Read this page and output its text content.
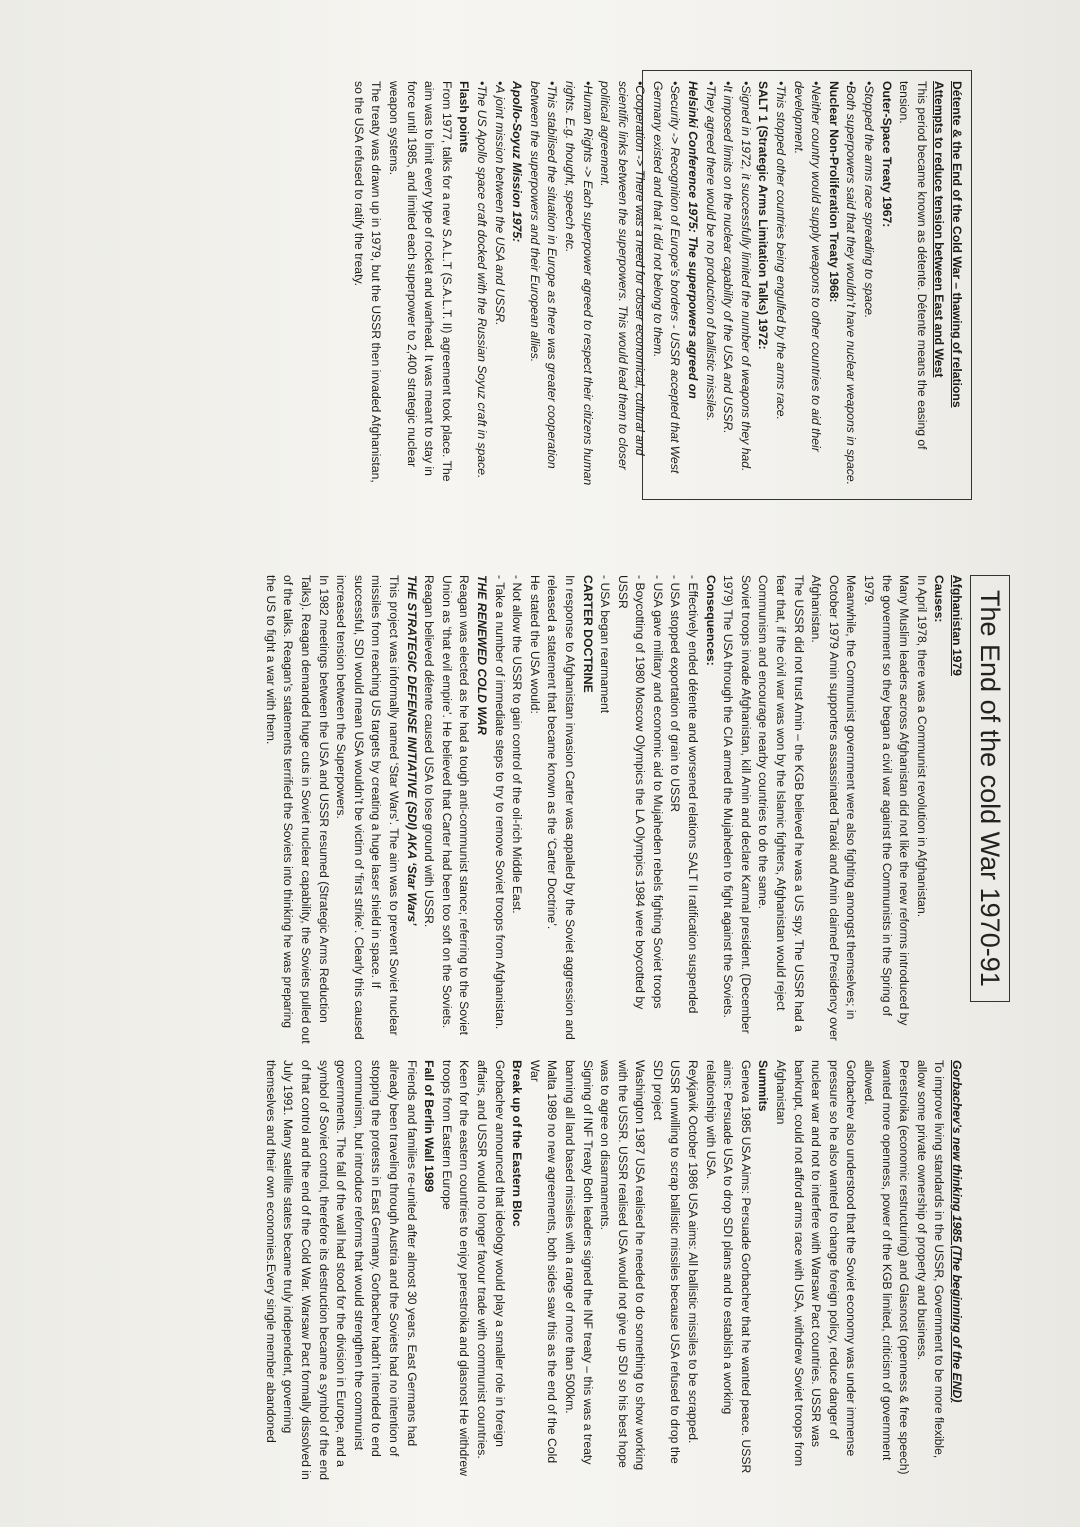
Détente & the End of the Cold War – thawing of relations

Attempts to reduce tension between East and West

This period became known as détente. Détente means the easing of tension.

Outer-Space Treaty 1967:

•Stopped the arms race spreading to space.

•Both superpowers said that they wouldn’t have nuclear weapons in space.

Nuclear Non-Proliferation Treaty 1968:

•Neither country would supply weapons to other countries to aid their development.

•This stopped other countries being engulfed by the arms race.

SALT 1 (Strategic Arms Limitation Talks) 1972:

•Signed in 1972, it successfully limited the number of weapons they had.

•It imposed limits on the nuclear capability of the USA and USSR.

•They agreed there would be no production of ballistic missiles.

Helsinki Conference 1975: The superpowers agreed on

•Security -> Recognition of Europe’s borders - USSR accepted that West Germany existed and that it did not belong to them.

•Cooperation -> There was a need for closer economical, cultural and scientific links between the superpowers. This would lead them to closer political agreement.

•Human Rights -> Each superpower agreed to respect their citizens human rights. E.g. thought, speech etc.

•This stabilised the situation in Europe as there was greater cooperation between the superpowers and their European allies.

Apollo-Soyuz Mission 1975:

•A joint mission between the USA and USSR.

•The US Apollo space craft docked with the Russian Soyuz craft in space.

Flash points

From 1977, talks for a new S.A.L.T (S.A.L.T. II) agreement took place. The aim was to limit every type of rocket and warhead. It was meant to stay in force until 1985, and limited each superpower to 2,400 strategic nuclear weapon systems.

The treaty was drawn up in 1979, but the USSR then invaded Afghanistan, so the USA refused to ratify the treaty.

The End of the cold War 1970-91

Afghanistan 1979

Causes:

In April 1978, there was a Communist revolution in Afghanistan.

Many Muslim leaders across Afghanistan did not like the new reforms introduced by the government so they began a civil war against the Communists in the Spring of 1979.

Meanwhile, the Communist government were also fighting amongst themselves; in October 1979 Amin supporters assassinated Taraki and Amin claimed Presidency over Afghanistan.

The USSR did not trust Amin – the KGB believed he was a US spy. The USSR had a fear that, if the civil war was won by the Islamic fighters, Afghanistan would reject Communism and encourage nearby countries to do the same.

Soviet troops invade Afghanistan, kill Amin and declare Karmal president. (December 1979) The USA through the CIA armed the Mujaheden to fight against the Soviets.

Consequences:

- Effectively ended détente and worsened relations SALT II ratification suspended

- USA stopped exportation of grain to USSR

- USA gave military and economic aid to Mujaheden rebels fighting Soviet troops

- Boycotting of 1980 Moscow Olympics the LA Olympics 1984 were boycotted by USSR

- USA began rearmament

CARTER DOCTRINE

In response to Afghanistan invasion Carter was appalled by the Soviet aggression and released a statement that became known as the ‘Carter Doctrine’.

He stated the USA would:

- Not allow the USSR to gain control of the oil-rich Middle East.

- Take a number of immediate steps to try to remove Soviet troops from Afghanistan.

THE RENEWED COLD WAR

Reagan was elected as he had a tough anti-communist stance; referring to the Soviet Union as ‘that evil empire’. He believed that Carter had been too soft on the Soviets. Reagan believed détente caused USA to lose ground with USSR.

THE STRATEGIC DEFENSE INITIATIVE (SDI) AKA ‘Star Wars’

This project was informally named ‘Star Wars’. The aim was to prevent Soviet nuclear missiles from reaching US targets by creating a huge laser shield in space. If successful, SDI would mean USA wouldn’t be victim of ‘first strike’. Clearly this caused increased tension between the Superpowers.

In 1982 meetings between the USA and USSR resumed (Strategic Arms Reduction Talks). Reagan demanded huge cuts in Soviet nuclear capability, the Soviets pulled out of the talks. Reagan’s statements terrified the Soviets into thinking he was preparing the US to fight a war with them.

Gorbachev’s new thinking 1985 (The beginning of the END)

To improve living standards in the USSR, Government to be more flexible, allow some private ownership of property and business.

Perestroika (economic restructuring) and Glasnost (openness & free speech) wanted more openness, power of the KGB limited, criticism of government allowed.

Gorbachev also understood that the Soviet economy was under immense pressure so he also wanted to change foreign policy, reduce danger of nuclear war and not to interfere with Warsaw Pact countries. USSR was bankrupt, could not afford arms race with USA, withdrew Soviet troops from Afghanistan

Summits

Geneva 1985 USA Aims: Persuade Gorbachev that he wanted peace. USSR aims: Persuade USA to drop SDI plans and to establish a working relationship with USA.

Reykjavik October 1986 USA aims: All ballistic missiles to be scrapped. USSR unwilling to scrap ballistic missiles because USA refused to drop the SDI project

Washington 1987 USA realised he needed to do something to show working with the USSR. USSR realised USA would not give up SDI so his best hope was to agree on disarmaments.

Signing of INF Treaty Both leaders signed the INF treaty – this was a treaty banning all land based missiles with a range of more than 500km.

Malta 1989 no new agreements, both sides saw this as the end of the Cold War

Break up of the Eastern Bloc

Gorbachev announced that ideology would play a smaller role in foreign affairs, and USSR would no longer favour trade with communist countries. Keen for the eastern countries to enjoy perestroika and glasnost He withdrew troops from Eastern Europe

Fall of Berlin Wall 1989

Friends and families re-united after almost 30 years. East Germans had already been traveling through Austria and the Soviets had no intention of stopping the protests in East Germany. Gorbachev hadn’t intended to end communism, but introduce reforms that would strengthen the communist governments. The fall of the wall had stood for the division in Europe, and a symbol of Soviet control, therefore its destruction became a symbol of the end of that control and the end of the Cold War. Warsaw Pact formally dissolved in July 1991. Many satellite states became truly independent, governing themselves and their own economies.Every single member abandoned
